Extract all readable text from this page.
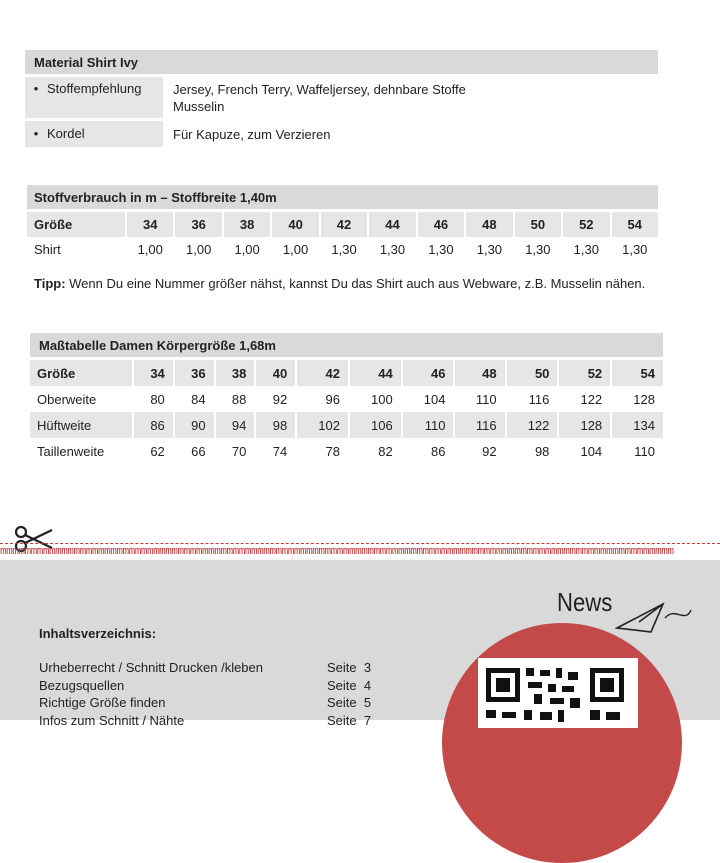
Material Shirt Ivy
• Stoffempfehlung	Jersey, French Terry, Waffeljersey, dehnbare Stoffe
Musselin
• Kordel	Für Kapuze, zum Verzieren
Stoffverbrauch in m – Stoffbreite 1,40m
Größe		34		36		38		40		42		44		46		48		50		52		54
Shirt		1,00		1,00		1,00		1,00		1,30		1,30		1,30		1,30		1,30		1,30		1,30
Tipp: Wenn Du eine Nummer größer nähst, kannst Du das Shirt auch aus Webware, z.B. Musselin nähen.
Maßtabelle Damen Körpergröße 1,68m
Größe		34		36		38		40		42		44		46		48		50		52		54
Oberweite		80		84		88		92		96		100		104		110		116		122		128
Hüftweite		86		90		94		98		102		106		110		116		122		128		134
Taillenweite		62		66		70		74		78		82		86		92		98		104		110
mmmmmmmmmmmmmmmmmmmmmmmmmmmmmmmmmmmmmmmmmmmmmmmmmmmmmmmmmmmmmmmmmmmmmmmmmmmmmmmmmmmmmmmmmmmmmmmmmmmmmmmmmmmmmm
News
Inhaltsverzeichnis:
Urheberrecht / Schnitt Drucken /kleben	Seite  3
Bezugsquellen	Seite  4
Richtige Größe finden	Seite  5
Infos zum Schnitt / Nähte	Seite  7
